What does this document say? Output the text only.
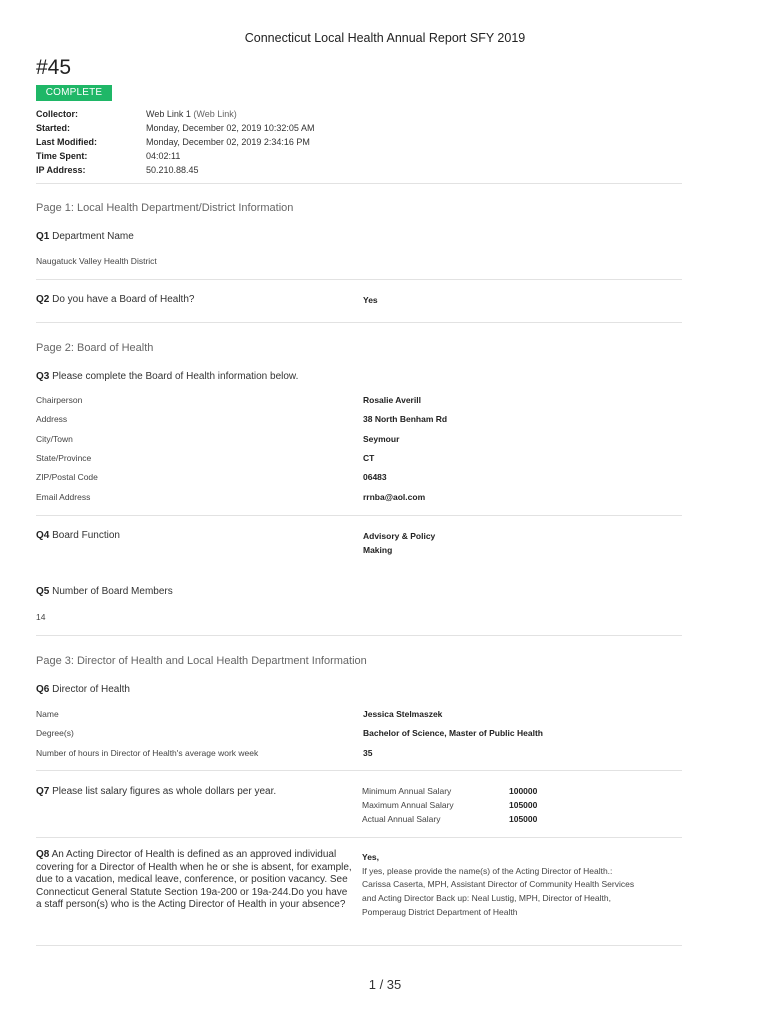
Connecticut Local Health Annual Report SFY 2019
#45
COMPLETE
Collector:	Web Link 1 (Web Link)
Started:	Monday, December 02, 2019 10:32:05 AM
Last Modified:	Monday, December 02, 2019 2:34:16 PM
Time Spent:	04:02:11
IP Address:	50.210.88.45
Page 1: Local Health Department/District Information
Q1 Department Name
Naugatuck Valley Health District
Q2 Do you have a Board of Health?	Yes
Page 2: Board of Health
Q3 Please complete the Board of Health information below.
Chairperson	Rosalie Averill
Address	38 North Benham Rd
City/Town	Seymour
State/Province	CT
ZIP/Postal Code	06483
Email Address	rrnba@aol.com
Q4 Board Function	Advisory & Policy
Making
Q5 Number of Board Members
14
Page 3: Director of Health and Local Health Department Information
Q6 Director of Health
Name	Jessica Stelmaszek
Degree(s)	Bachelor of Science, Master of Public Health
Number of hours in Director of Health's average work week	35
Q7 Please list salary figures as whole dollars per year.	Minimum Annual Salary	100000
Maximum Annual Salary	105000
Actual Annual Salary	105000
Q8 An Acting Director of Health is defined as an approved individual covering for a Director of Health when he or she is absent, for example, due to a vacation, medical leave, conference, or position vacancy. See Connecticut General Statute Section 19a-200 or 19a-244.Do you have a staff person(s) who is the Acting Director of Health in your absence?
Yes,
If yes, please provide the name(s) of the Acting Director of Health.:
Carissa Caserta, MPH, Assistant Director of Community Health Services and Acting Director Back up: Neal Lustig, MPH, Director of Health, Pomperaug District Department of Health
1 / 35
